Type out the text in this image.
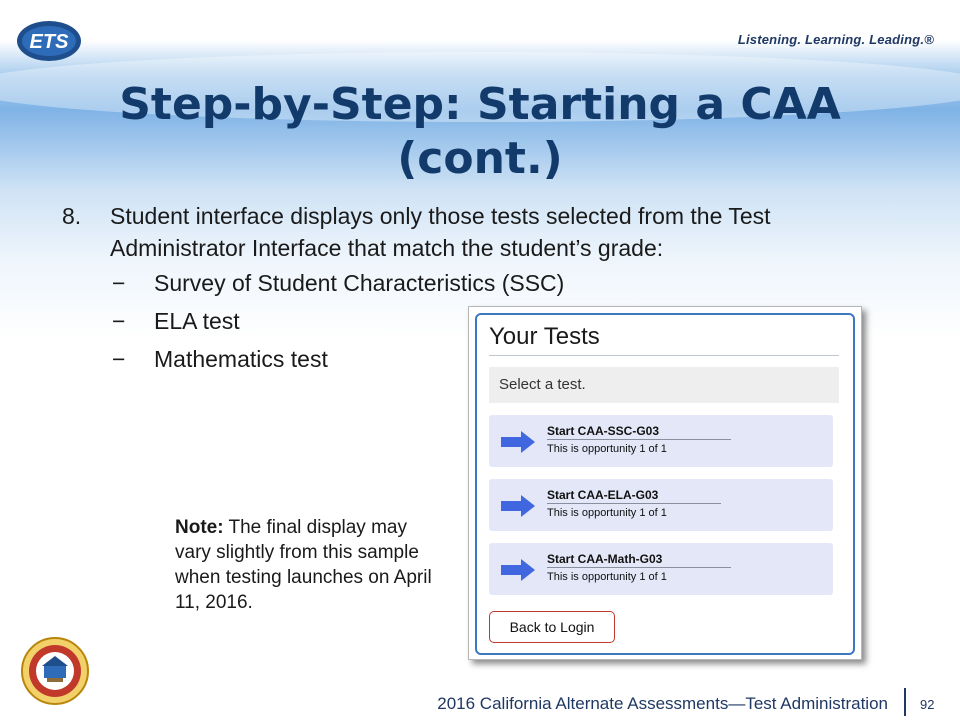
ETS	Listening. Learning. Leading.®
Step-by-Step: Starting a CAA (cont.)
8. Student interface displays only those tests selected from the Test Administrator Interface that match the student’s grade:
− Survey of Student Characteristics (SSC)
− ELA test
− Mathematics test
Your Tests
Select a test.
Start CAA-SSC-G03
This is opportunity 1 of 1
Start CAA-ELA-G03
This is opportunity 1 of 1
Start CAA-Math-G03
This is opportunity 1 of 1
Back to Login
Note: The final display may vary slightly from this sample when testing launches on April 11, 2016.
2016 California Alternate Assessments—Test Administration 92
